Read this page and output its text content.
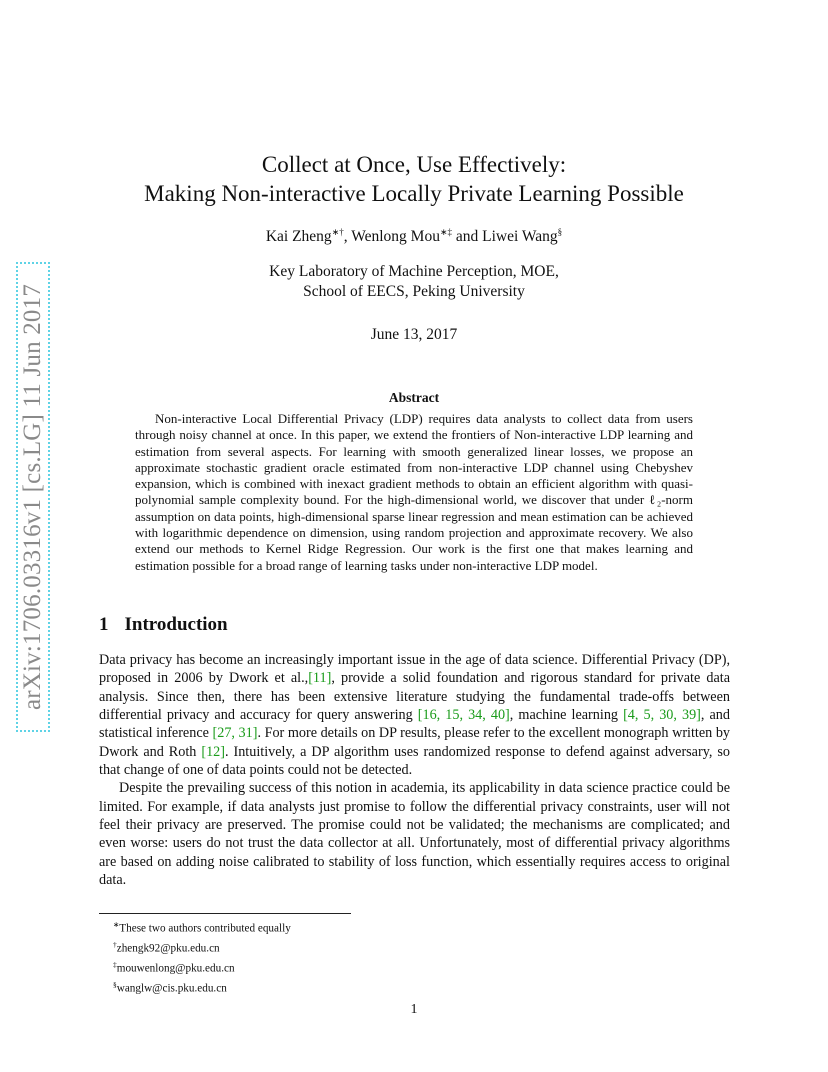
arXiv:1706.03316v1 [cs.LG] 11 Jun 2017
Collect at Once, Use Effectively:
Making Non-interactive Locally Private Learning Possible
Kai Zheng∗†, Wenlong Mou∗‡ and Liwei Wang§
Key Laboratory of Machine Perception, MOE,
School of EECS, Peking University
June 13, 2017
Abstract
Non-interactive Local Differential Privacy (LDP) requires data analysts to collect data from users through noisy channel at once. In this paper, we extend the frontiers of Non-interactive LDP learning and estimation from several aspects. For learning with smooth generalized linear losses, we propose an approximate stochastic gradient oracle estimated from non-interactive LDP channel using Chebyshev expansion, which is combined with inexact gradient methods to obtain an efficient algorithm with quasi-polynomial sample complexity bound. For the high-dimensional world, we discover that under ℓ₂-norm assumption on data points, high-dimensional sparse linear regression and mean estimation can be achieved with logarithmic dependence on dimension, using random projection and approximate recovery. We also extend our methods to Kernel Ridge Regression. Our work is the first one that makes learning and estimation possible for a broad range of learning tasks under non-interactive LDP model.
1 Introduction

Data privacy has become an increasingly important issue in the age of data science. Differential Privacy (DP), proposed in 2006 by Dwork et al.,[11], provide a solid foundation and rigorous standard for private data analysis. Since then, there has been extensive literature studying the fundamental trade-offs between differential privacy and accuracy for query answering [16, 15, 34, 40], machine learning [4, 5, 30, 39], and statistical inference [27, 31]. For more details on DP results, please refer to the excellent monograph written by Dwork and Roth [12]. Intuitively, a DP algorithm uses randomized response to defend against adversary, so that change of one of data points could not be detected.

Despite the prevailing success of this notion in academia, its applicability in data science practice could be limited. For example, if data analysts just promise to follow the differential privacy constraints, user will not feel their privacy are preserved. The promise could not be validated; the mechanisms are complicated; and even worse: users do not trust the data collector at all. Unfortunately, most of differential privacy algorithms are based on adding noise calibrated to stability of loss function, which essentially requires access to original data.

∗These two authors contributed equally
†zhengk92@pku.edu.cn
‡mouwenlong@pku.edu.cn
§wanglw@cis.pku.edu.cn
1
